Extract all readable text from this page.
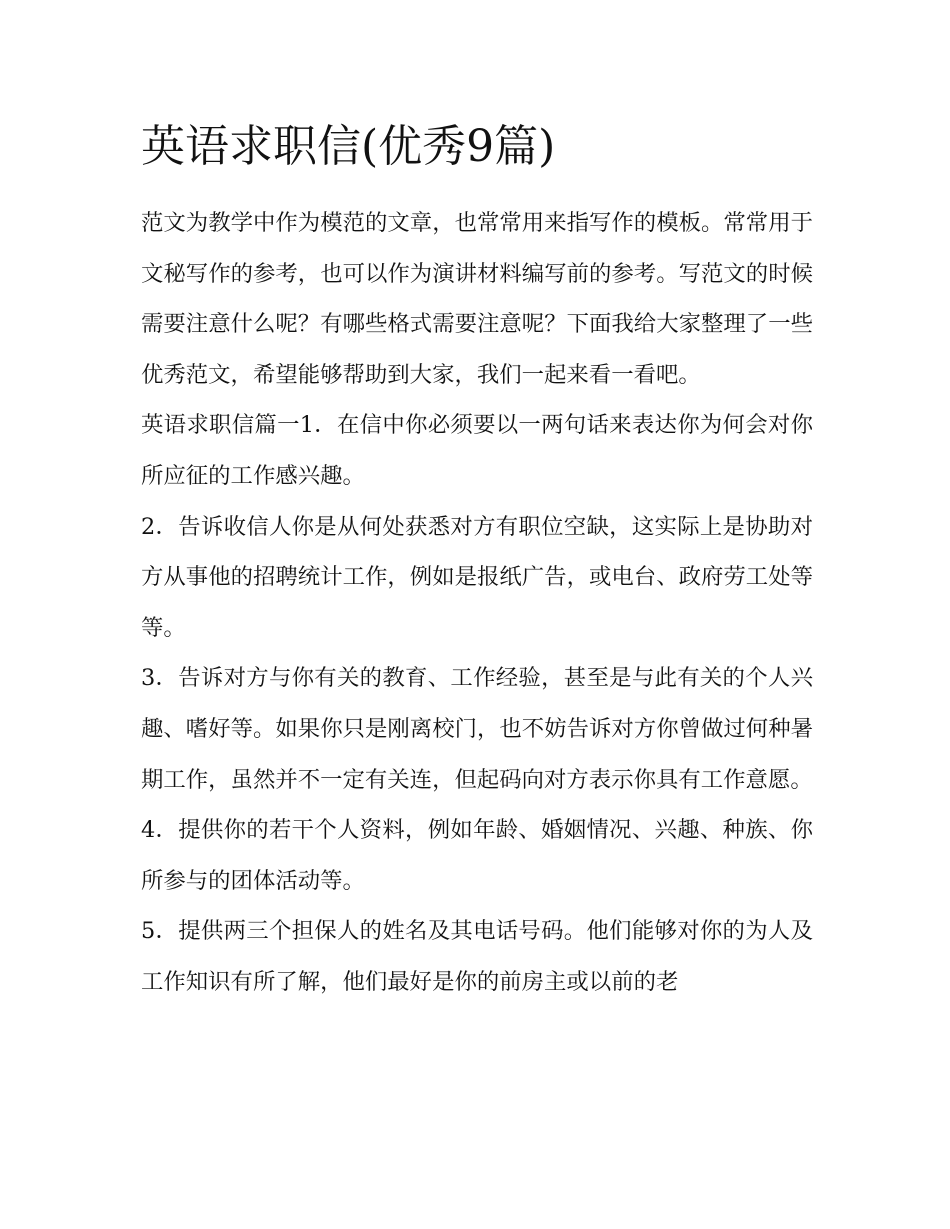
英语求职信(优秀9篇)

范文为教学中作为模范的文章，也常常用来指写作的模板。常常用于文秘写作的参考，也可以作为演讲材料编写前的参考。写范文的时候需要注意什么呢？有哪些格式需要注意呢？下面我给大家整理了一些优秀范文，希望能够帮助到大家，我们一起来看一看吧。

英语求职信篇一1．在信中你必须要以一两句话来表达你为何会对你所应征的工作感兴趣。

2．告诉收信人你是从何处获悉对方有职位空缺，这实际上是协助对方从事他的招聘统计工作，例如是报纸广告，或电台、政府劳工处等等。

3．告诉对方与你有关的教育、工作经验，甚至是与此有关的个人兴趣、嗜好等。如果你只是刚离校门，也不妨告诉对方你曾做过何种暑期工作，虽然并不一定有关连，但起码向对方表示你具有工作意愿。

4．提供你的若干个人资料，例如年龄、婚姻情况、兴趣、种族、你所参与的团体活动等。

5．提供两三个担保人的姓名及其电话号码。他们能够对你的为人及工作知识有所了解，他们最好是你的前房主或以前的老
